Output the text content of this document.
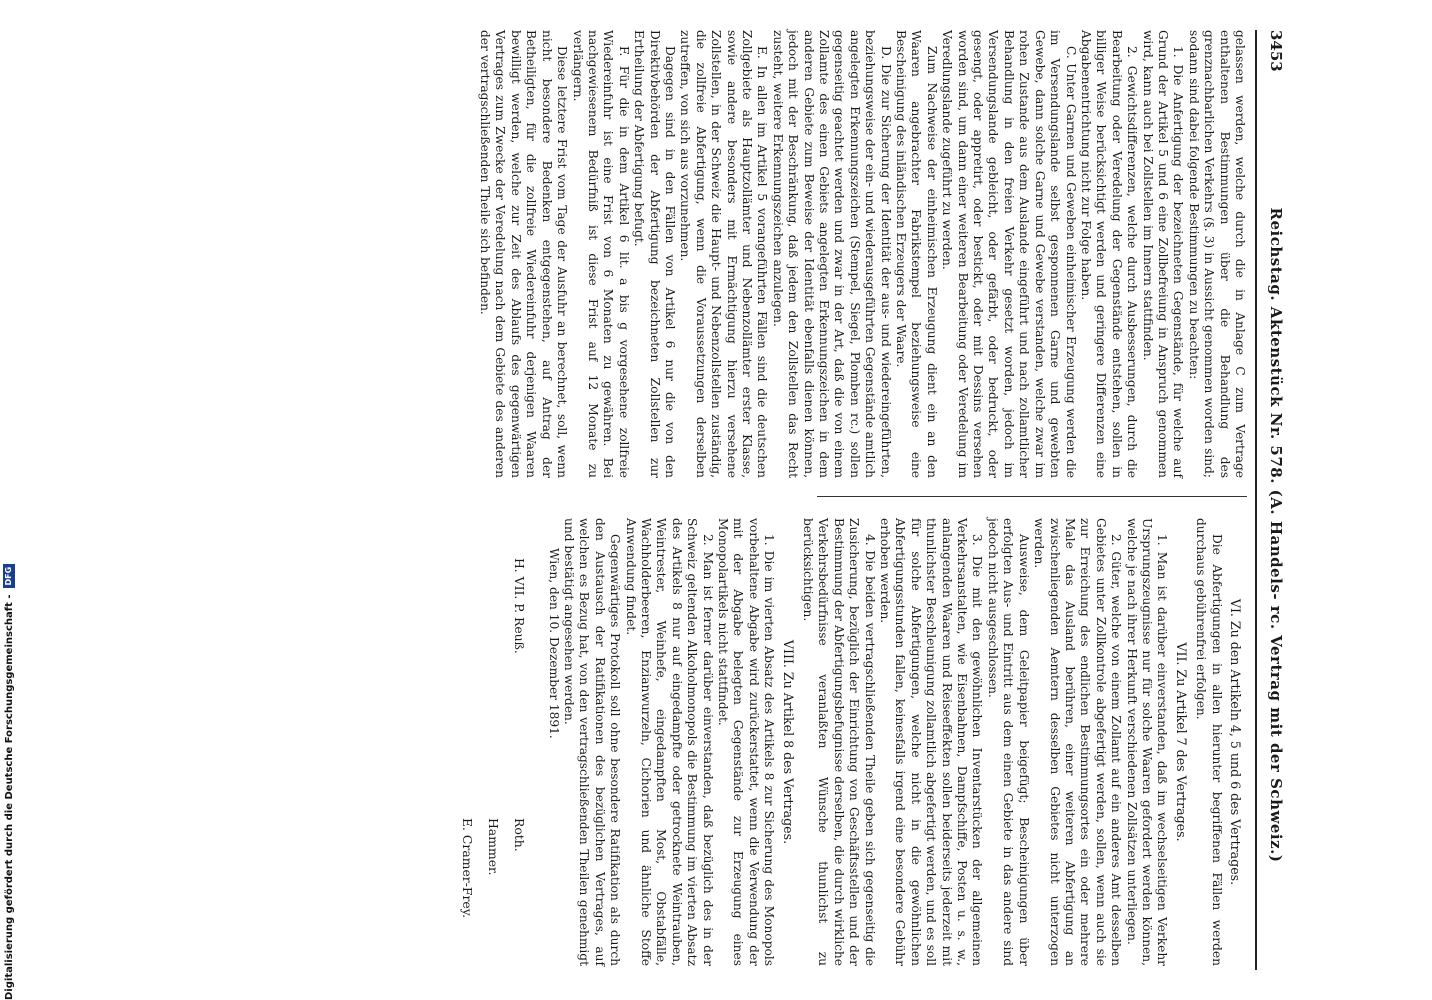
Digitalisierung gefördert durch die Deutsche Forschungsgemeinschaft -DFG
3453
Reichstag. Aktenstück Nr. 578. (A. Handels- rc. Vertrag mit der Schweiz.)

gelassen werden, welche durch die in Anlage C zum Vertrage enthaltenen Bestimmungen über die Behandlung des grenznachbarlichen Verkehrs (§. 3) in Aussicht genommen worden sind; sodann sind dabei folgende Bestimmungen zu beachten:

1. Die Anfertigung der bezeichneten Gegenstände, für welche auf Grund der Artikel 5 und 6 eine Zollbefreiung in Anspruch genommen wird, kann auch bei Zollstellen im Innern stattfinden.

2. Gewichtsdifferenzen, welche durch Ausbesserungen, durch die Bearbeitung oder Veredelung der Gegenstände entstehen, sollen in billiger Weise berücksichtigt werden und geringere Differenzen eine Abgabenentrichtung nicht zur Folge haben.

C. Unter Garnen und Geweben einheimischer Erzeugung werden die im Versendungslande selbst gesponnenen Garne und gewebten Gewebe, dann solche Garne und Gewebe verstanden, welche zwar im rohen Zustande aus dem Auslande eingeführt und nach zollamtlicher Behandlung in den freien Verkehr gesetzt worden, jedoch im Versendungslande gebleicht, oder gefärbt, oder bedruckt, oder gesengt, oder appretirt, oder bestickt, oder mit Dessins versehen worden sind, um dann einer weiteren Bearbeitung oder Veredelung im Veredlungslande zugeführt zu werden.

Zum Nachweise der einheimischen Erzeugung dient ein an den Waaren angebrachter Fabrikstempel beziehungsweise eine Bescheinigung des inländischen Erzeugers der Waare.

D. Die zur Sicherung der Identität der aus- und wiedereingeführten, beziehungsweise der ein- und wiederausgeführten Gegenstände amtlich angelegten Erkennungszeichen (Stempel, Siegel, Plomben rc.) sollen gegenseitig geachtet werden und zwar in der Art, daß die von einem Zollamte des einen Gebiets angelegten Erkennungszeichen in dem anderen Gebiete zum Beweise der Identität ebenfalls dienen können, jedoch mit der Beschränkung, daß jedem den Zollstellen das Recht zusteht, weitere Erkennungszeichen anzulegen.

E. In allen im Artikel 5 vorangeführten Fällen sind die deutschen Zollgebiete als Hauptzollämter und Nebenzollämter erster Klasse, sowie andere besonders mit Ermächtigung hierzu versehene Zollstellen, in der Schweiz die Haupt- und Nebenzollstellen zuständig, die zollfreie Abfertigung, wenn die Voraussetzungen derselben zutreffen, von sich aus vorzunehmen.

Dagegen sind in den Fällen von Artikel 6 nur die von den Direktivbehörden der Abfertigung bezeichneten Zollstellen zur Ertheilung der Abfertigung befugt.

F. Für die in dem Artikel 6 lit. a bis g vorgesehene zollfreie Wiedereinfuhr ist eine Frist von 6 Monaten zu gewähren. Bei nachgewiesenem Bedürfniß ist diese Frist auf 12 Monate zu verlängern.

Diese letztere Frist vom Tage der Ausfuhr an berechnet, soll, wenn nicht besondere Bedenken entgegenstehen, auf Antrag der Betheiligten, für die zollfreie Wiedereinfuhr derjenigen Waaren bewilligt werden, welche zur Zeit des Ablaufs des gegenwärtigen Vertrages zum Zwecke der Veredelung nach dem Gebiete des anderen der vertragschließenden Theile sich befinden.

VI. Zu den Artikeln 4, 5 und 6 des Vertrages.

Die Abfertigungen in allen hierunter begriffenen Fällen werden durchaus gebührenfrei erfolgen.

VII. Zu Artikel 7 des Vertrages.

1. Man ist darüber einverstanden, daß im wechselseitigen Verkehr Ursprungszeugnisse nur für solche Waaren gefordert werden können, welche je nach ihrer Herkunft verschiedenen Zollsätzen unterliegen.

2. Güter, welche von einem Zollamt auf ein anderes Amt desselben Gebietes unter Zollkontrole abgefertigt werden, sollen, wenn auch sie zur Erreichung des endlichen Bestimmungsortes ein oder mehrere Male das Ausland berühren, einer weiteren Abfertigung an zwischenliegenden Aemtern desselben Gebietes nicht unterzogen werden.

Ausweise, dem Geleitpapier beigefügt; Bescheinigungen über erfolgten Aus- und Eintritt aus dem einen Gebiete in das andere sind jedoch nicht ausgeschlossen.

3. Die mit den gewöhnlichen Inventarstücken der allgemeinen Verkehrsanstalten, wie Eisenbahnen, Dampfschiffe, Posten u. s. w., anlangenden Waaren und Reiseeffekten sollen beiderseits jederzeit mit thunlichster Beschleunigung zollamtlich abgefertigt werden, und es soll für solche Abfertigungen, welche nicht in die gewöhnlichen Abfertigungsstunden fallen, keinesfalls irgend eine besondere Gebühr erhoben werden.

4. Die beiden vertragschließenden Theile geben sich gegenseitig die Zusicherung, bezüglich der Einrichtung von Geschäftsstellen und der Bestimmung der Abfertigungsbefugnisse derselben, die durch wirkliche Verkehrsbedürfnisse veranlaßten Wünsche thunlichst zu berücksichtigen.

VIII. Zu Artikel 8 des Vertrages.

1. Die im vierten Absatz des Artikels 8 zur Sicherung des Monopols vorbehaltene Abgabe wird zurückerstattet, wenn die Verwendung der mit der Abgabe belegten Gegenstände zur Erzeugung eines Monopolartikels nicht stattfindet.

2. Man ist ferner darüber einverstanden, daß bezüglich des in der Schweiz geltenden Alkoholmonopols die Bestimmung im vierten Absatz des Artikels 8 nur auf eingedampfte oder getrocknete Weintrauben, Weintrester, Weinhefe, eingedampften Most, Obstabfälle, Wachholderbeeren, Enzianwurzeln, Cichorien und ähnliche Stoffe Anwendung findet.

Gegenwärtiges Protokoll soll ohne besondere Ratifikation als durch den Austausch der Ratifikationen des bezüglichen Vertrages, auf welchen es Bezug hat, von den vertragschließenden Theilen genehmigt und bestätigt angesehen werden.

Wien, den 10. Dezember 1891.

H. VII. P. Reuß.
Roth.
Hammer.
E. Cramer-Frey.
